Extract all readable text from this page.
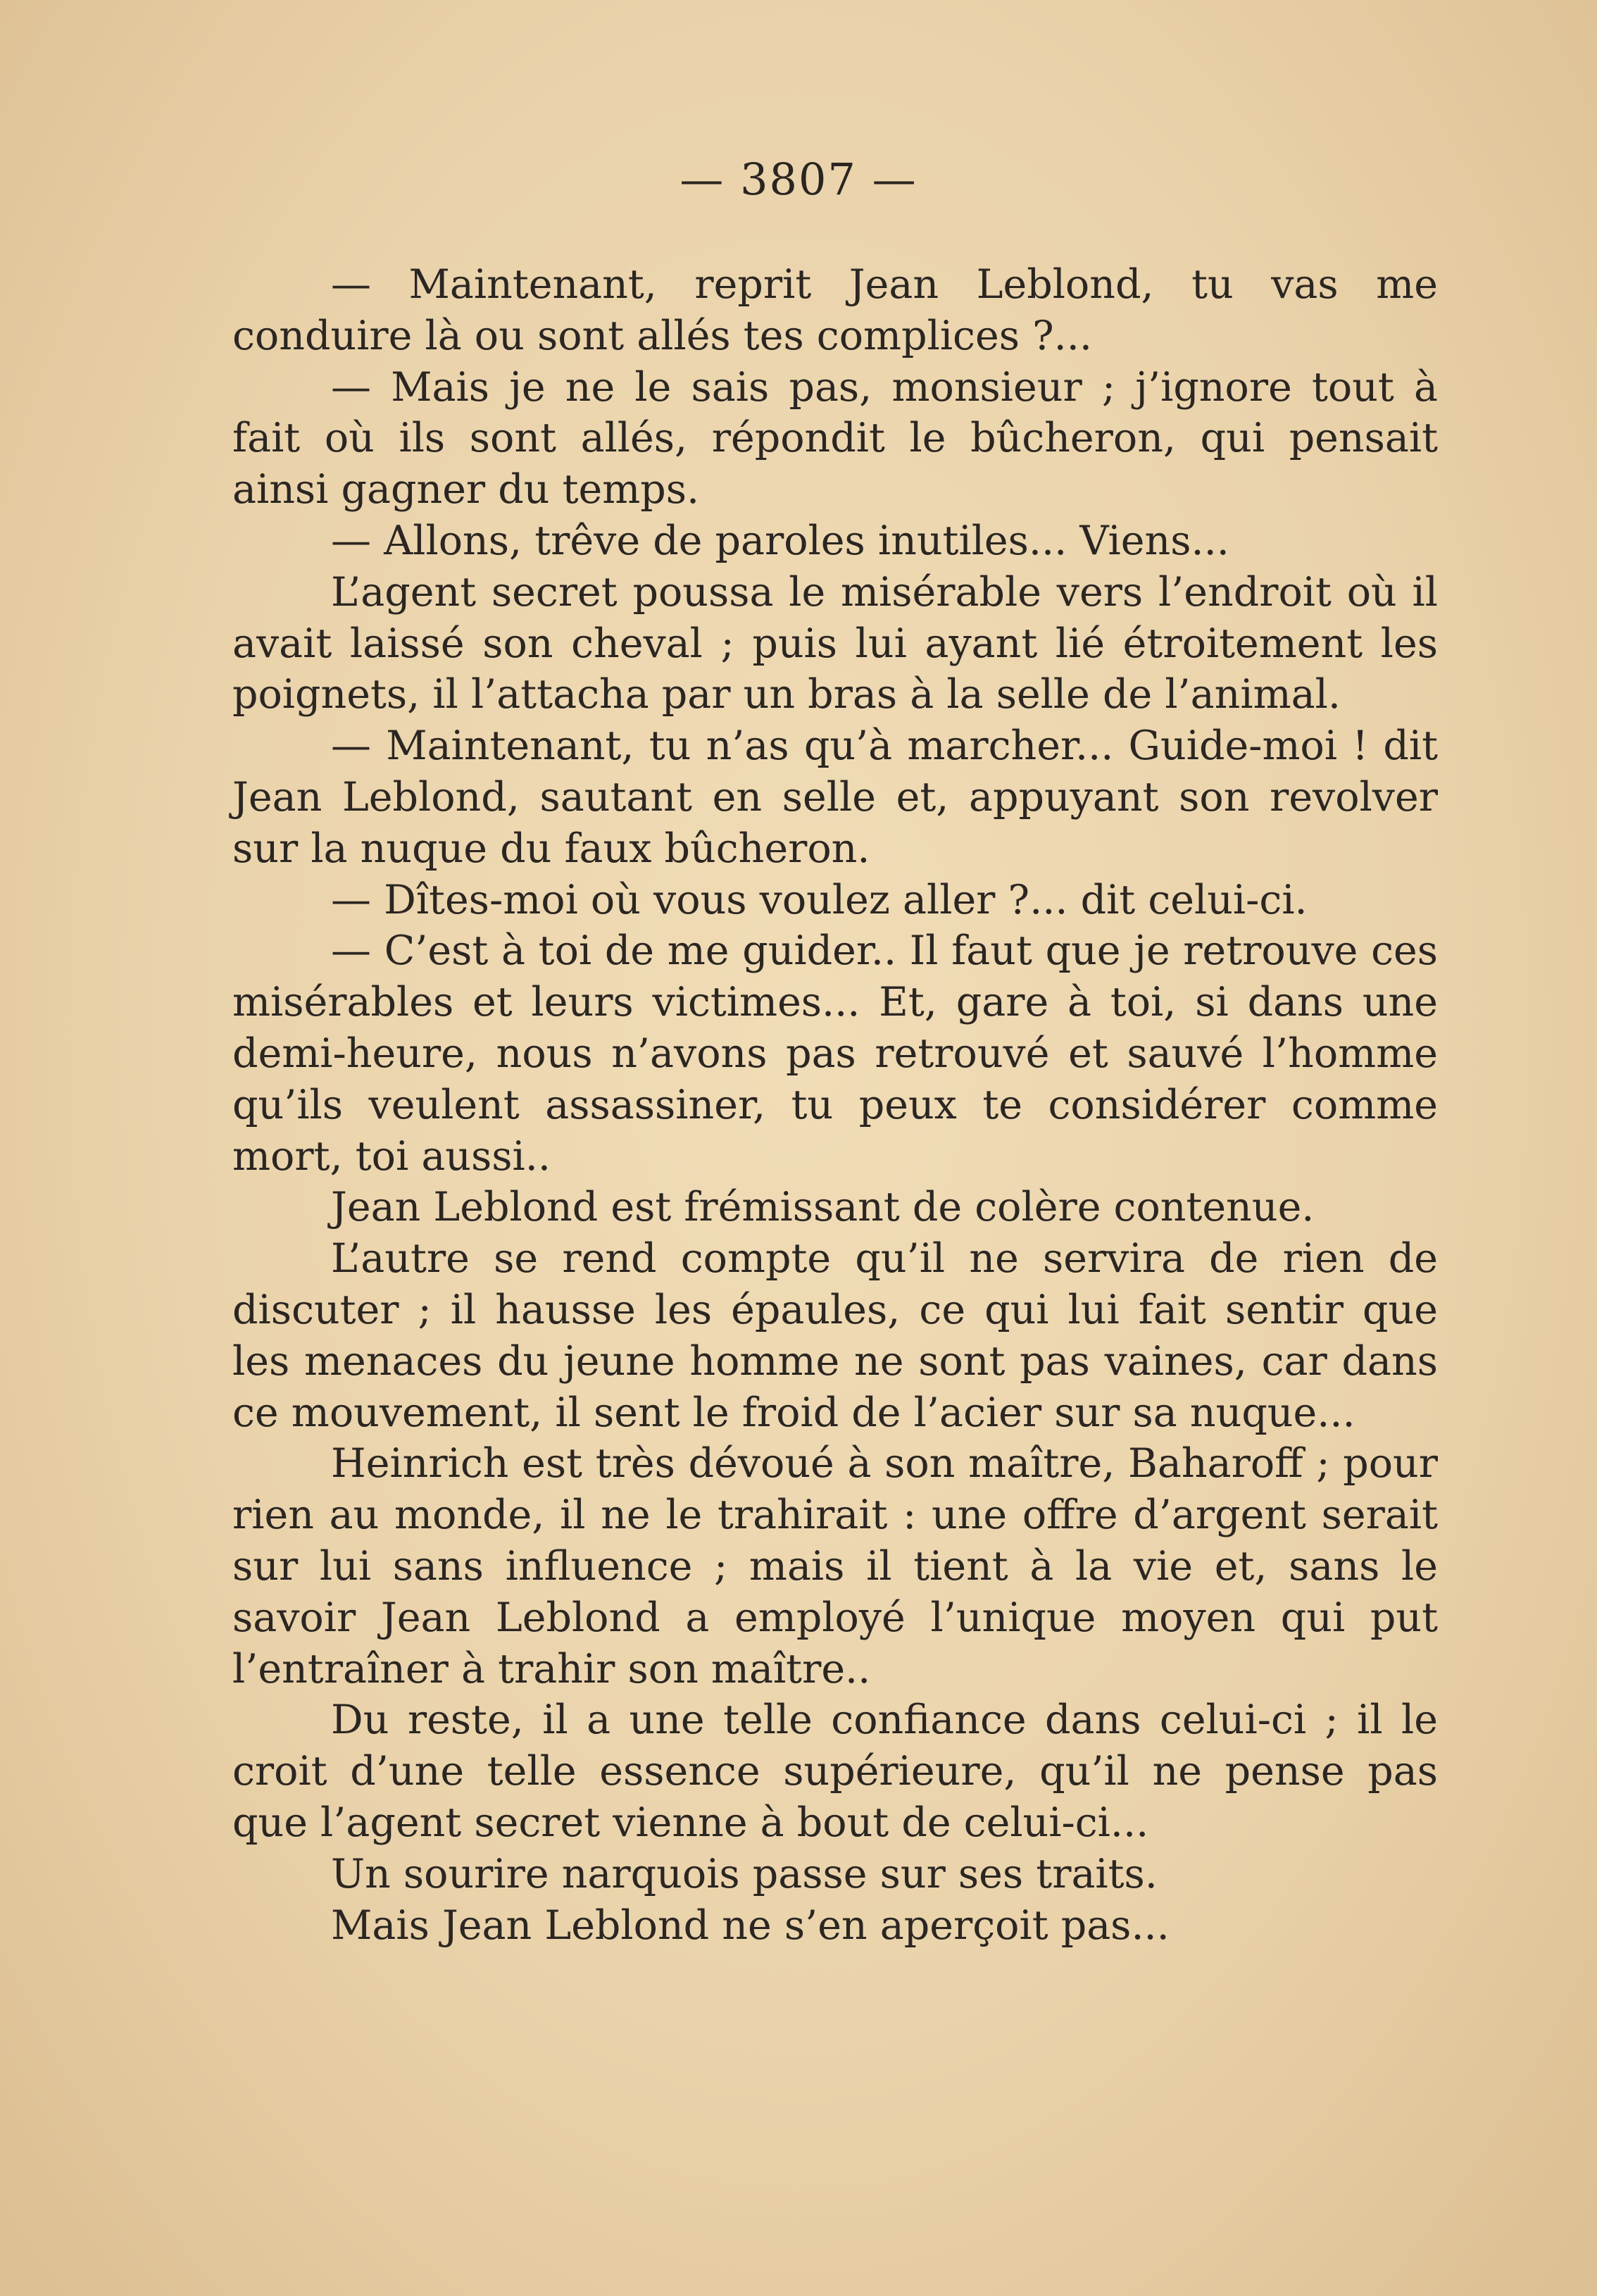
— 3807 —

— Maintenant, reprit Jean Leblond, tu vas me conduire là ou sont allés tes complices ?...

— Mais je ne le sais pas, monsieur ; j’ignore tout à fait où ils sont allés, répondit le bûcheron, qui pensait ainsi gagner du temps.

— Allons, trêve de paroles inutiles... Viens...

L’agent secret poussa le misérable vers l’endroit où il avait laissé son cheval ; puis lui ayant lié étroitement les poignets, il l’attacha par un bras à la selle de l’animal.

— Maintenant, tu n’as qu’à marcher... Guide-moi ! dit Jean Leblond, sautant en selle et, appuyant son revolver sur la nuque du faux bûcheron.

— Dîtes-moi où vous voulez aller ?... dit celui-ci.

— C’est à toi de me guider.. Il faut que je retrouve ces misérables et leurs victimes... Et, gare à toi, si dans une demi-heure, nous n’avons pas retrouvé et sauvé l’homme qu’ils veulent assassiner, tu peux te considérer comme mort, toi aussi..

Jean Leblond est frémissant de colère contenue.

L’autre se rend compte qu’il ne servira de rien de discuter ; il hausse les épaules, ce qui lui fait sentir que les menaces du jeune homme ne sont pas vaines, car dans ce mouvement, il sent le froid de l’acier sur sa nuque...

Heinrich est très dévoué à son maître, Baharoff ; pour rien au monde, il ne le trahirait : une offre d’argent serait sur lui sans influence ; mais il tient à la vie et, sans le savoir Jean Leblond a employé l’unique moyen qui put l’entraîner à trahir son maître..

Du reste, il a une telle confiance dans celui-ci ; il le croit d’une telle essence supérieure, qu’il ne pense pas que l’agent secret vienne à bout de celui-ci...

Un sourire narquois passe sur ses traits.

Mais Jean Leblond ne s’en aperçoit pas...
